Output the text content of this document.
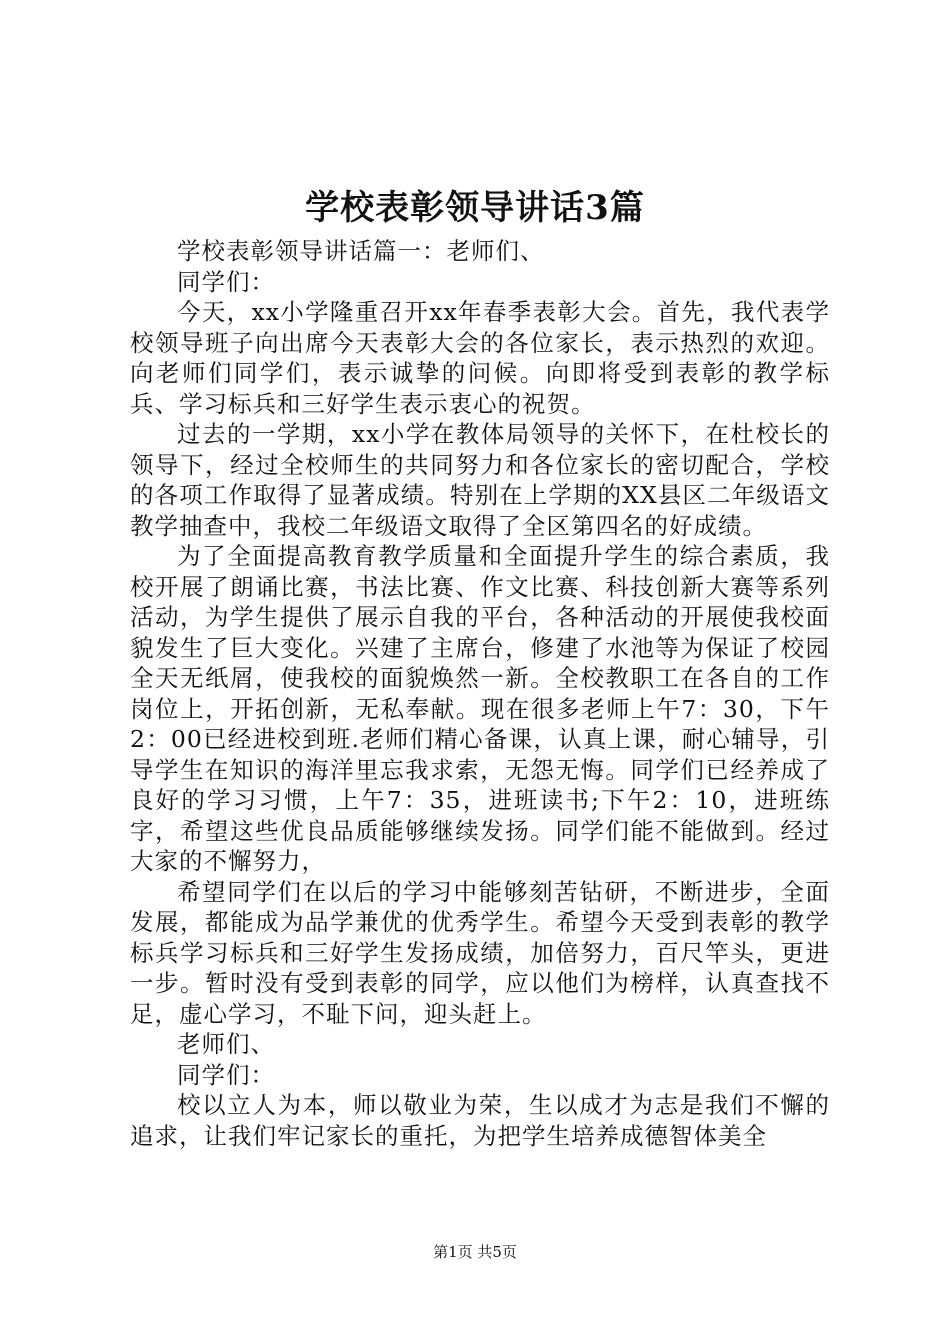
学校表彰领导讲话3篇

学校表彰领导讲话篇一：老师们、

同学们：

今天，xx小学隆重召开xx年春季表彰大会。首先，我代表学校领导班子向出席今天表彰大会的各位家长，表示热烈的欢迎。向老师们同学们，表示诚挚的问候。向即将受到表彰的教学标兵、学习标兵和三好学生表示衷心的祝贺。

过去的一学期，xx小学在教体局领导的关怀下，在杜校长的领导下，经过全校师生的共同努力和各位家长的密切配合，学校的各项工作取得了显著成绩。特别在上学期的XX县区二年级语文教学抽查中，我校二年级语文取得了全区第四名的好成绩。

为了全面提高教育教学质量和全面提升学生的综合素质，我校开展了朗诵比赛，书法比赛、作文比赛、科技创新大赛等系列活动，为学生提供了展示自我的平台，各种活动的开展使我校面貌发生了巨大变化。兴建了主席台，修建了水池等为保证了校园全天无纸屑，使我校的面貌焕然一新。全校教职工在各自的工作岗位上，开拓创新，无私奉献。现在很多老师上午7：30，下午2：00已经进校到班.老师们精心备课，认真上课，耐心辅导，引导学生在知识的海洋里忘我求索，无怨无悔。同学们已经养成了良好的学习习惯，上午7：35，进班读书;下午2：10，进班练字，希望这些优良品质能够继续发扬。同学们能不能做到。经过大家的不懈努力，

希望同学们在以后的学习中能够刻苦钻研，不断进步，全面发展，都能成为品学兼优的优秀学生。希望今天受到表彰的教学标兵学习标兵和三好学生发扬成绩，加倍努力，百尺竿头，更进一步。暂时没有受到表彰的同学，应以他们为榜样，认真查找不足，虚心学习，不耻下问，迎头赶上。

老师们、

同学们：

校以立人为本，师以敬业为荣，生以成才为志是我们不懈的追求，让我们牢记家长的重托，为把学生培养成德智体美全

第1页 共5页
